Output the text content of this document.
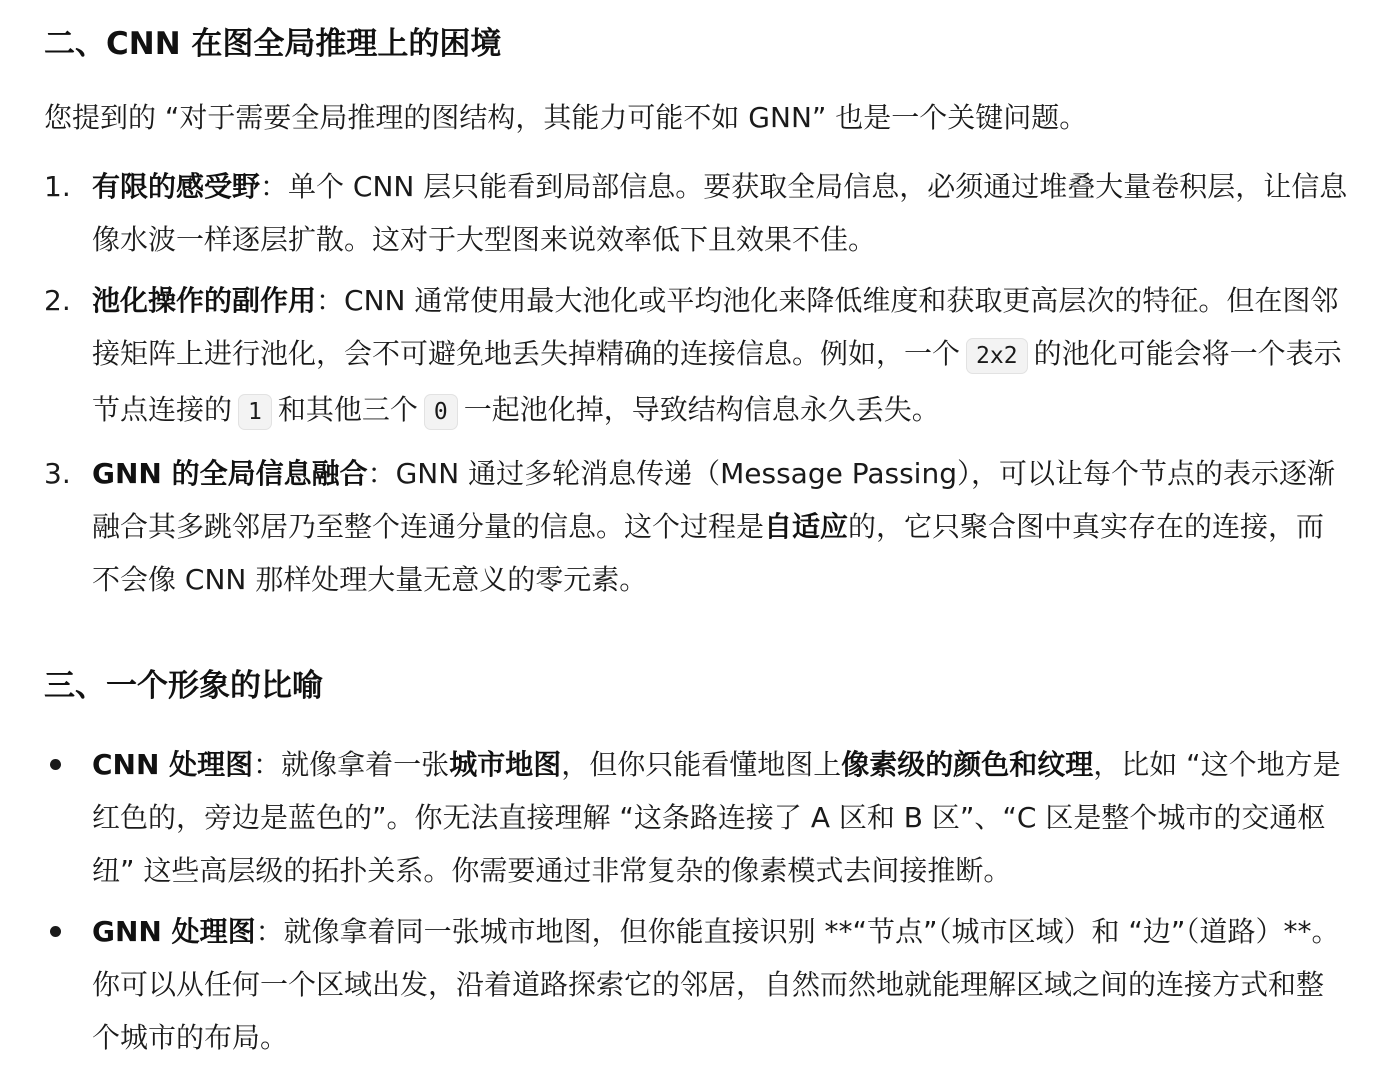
二、CNN 在图全局推理上的困境

您提到的 “对于需要全局推理的图结构，其能力可能不如 GNN” 也是一个关键问题。

1. 有限的感受野：单个 CNN 层只能看到局部信息。要获取全局信息，必须通过堆叠大量卷积层，让信息像水波一样逐层扩散。这对于大型图来说效率低下且效果不佳。
2. 池化操作的副作用：CNN 通常使用最大池化或平均池化来降低维度和获取更高层次的特征。但在图邻接矩阵上进行池化，会不可避免地丢失掉精确的连接信息。例如，一个 2x2 的池化可能会将一个表示节点连接的 1 和其他三个 0 一起池化掉，导致结构信息永久丢失。
3. GNN 的全局信息融合：GNN 通过多轮消息传递（Message Passing），可以让每个节点的表示逐渐融合其多跳邻居乃至整个连通分量的信息。这个过程是自适应的，它只聚合图中真实存在的连接，而不会像 CNN 那样处理大量无意义的零元素。
三、一个形象的比喻
CNN 处理图：就像拿着一张城市地图，但你只能看懂地图上像素级的颜色和纹理，比如 “这个地方是红色的，旁边是蓝色的”。你无法直接理解 “这条路连接了 A 区和 B 区”、“C 区是整个城市的交通枢纽” 这些高层级的拓扑关系。你需要通过非常复杂的像素模式去间接推断。
GNN 处理图：就像拿着同一张城市地图，但你能直接识别 **“节点”（城市区域）和 “边”（道路）**。你可以从任何一个区域出发，沿着道路探索它的邻居，自然而然地就能理解区域之间的连接方式和整个城市的布局。
